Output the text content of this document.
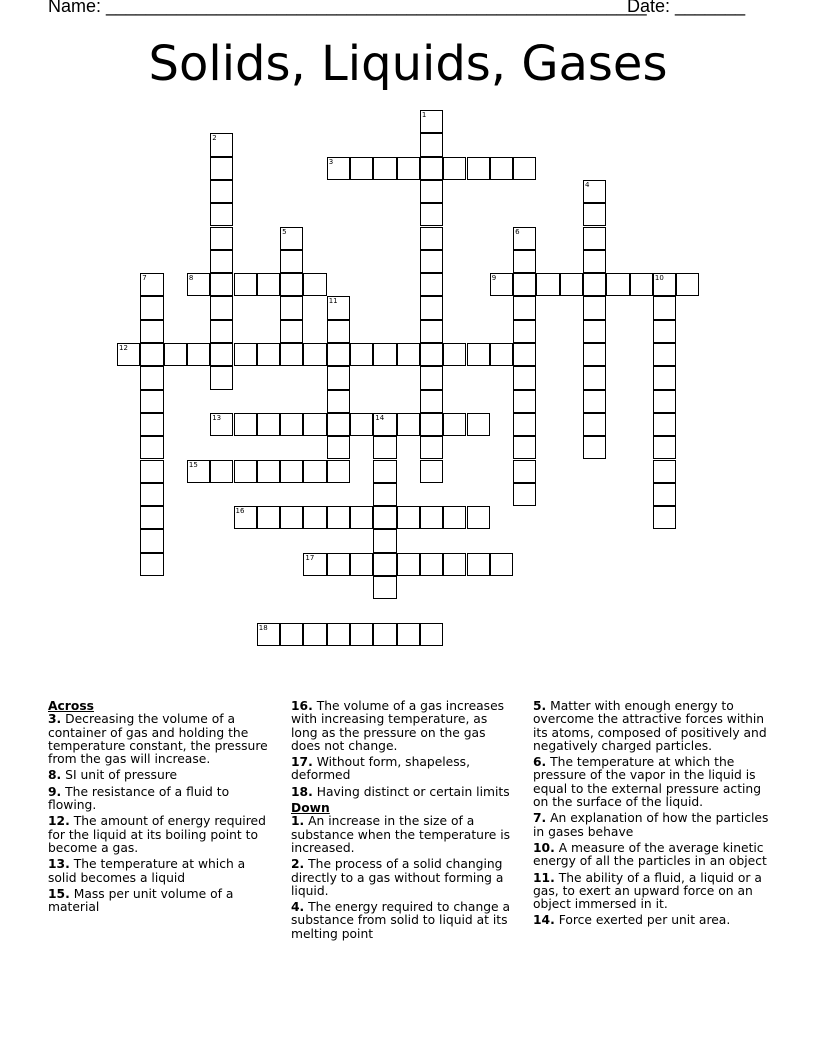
Name: ______________________________________________________
Date: _______
Solids, Liquids, Gases
1
2
3
4
5	6
7	8	9	10
11
12
13	14
15
16
17
18
Across
3. Decreasing the volume of a container of gas and holding the temperature constant, the pressure from the gas will increase.
8. SI unit of pressure
9. The resistance of a fluid to flowing.
12. The amount of energy required for the liquid at its boiling point to become a gas.
13. The temperature at which a solid becomes a liquid
15. Mass per unit volume of a material
16. The volume of a gas increases with increasing temperature, as long as the pressure on the gas does not change.
17. Without form, shapeless, deformed
18. Having distinct or certain limits
Down
1. An increase in the size of a substance when the temperature is increased.
2. The process of a solid changing directly to a gas without forming a liquid.
4. The energy required to change a substance from solid to liquid at its melting point
5. Matter with enough energy to overcome the attractive forces within its atoms, composed of positively and negatively charged particles.
6. The temperature at which the pressure of the vapor in the liquid is equal to the external pressure acting on the surface of the liquid.
7. An explanation of how the particles in gases behave
10. A measure of the average kinetic energy of all the particles in an object
11. The ability of a fluid, a liquid or a gas, to exert an upward force on an object immersed in it.
14. Force exerted per unit area.
